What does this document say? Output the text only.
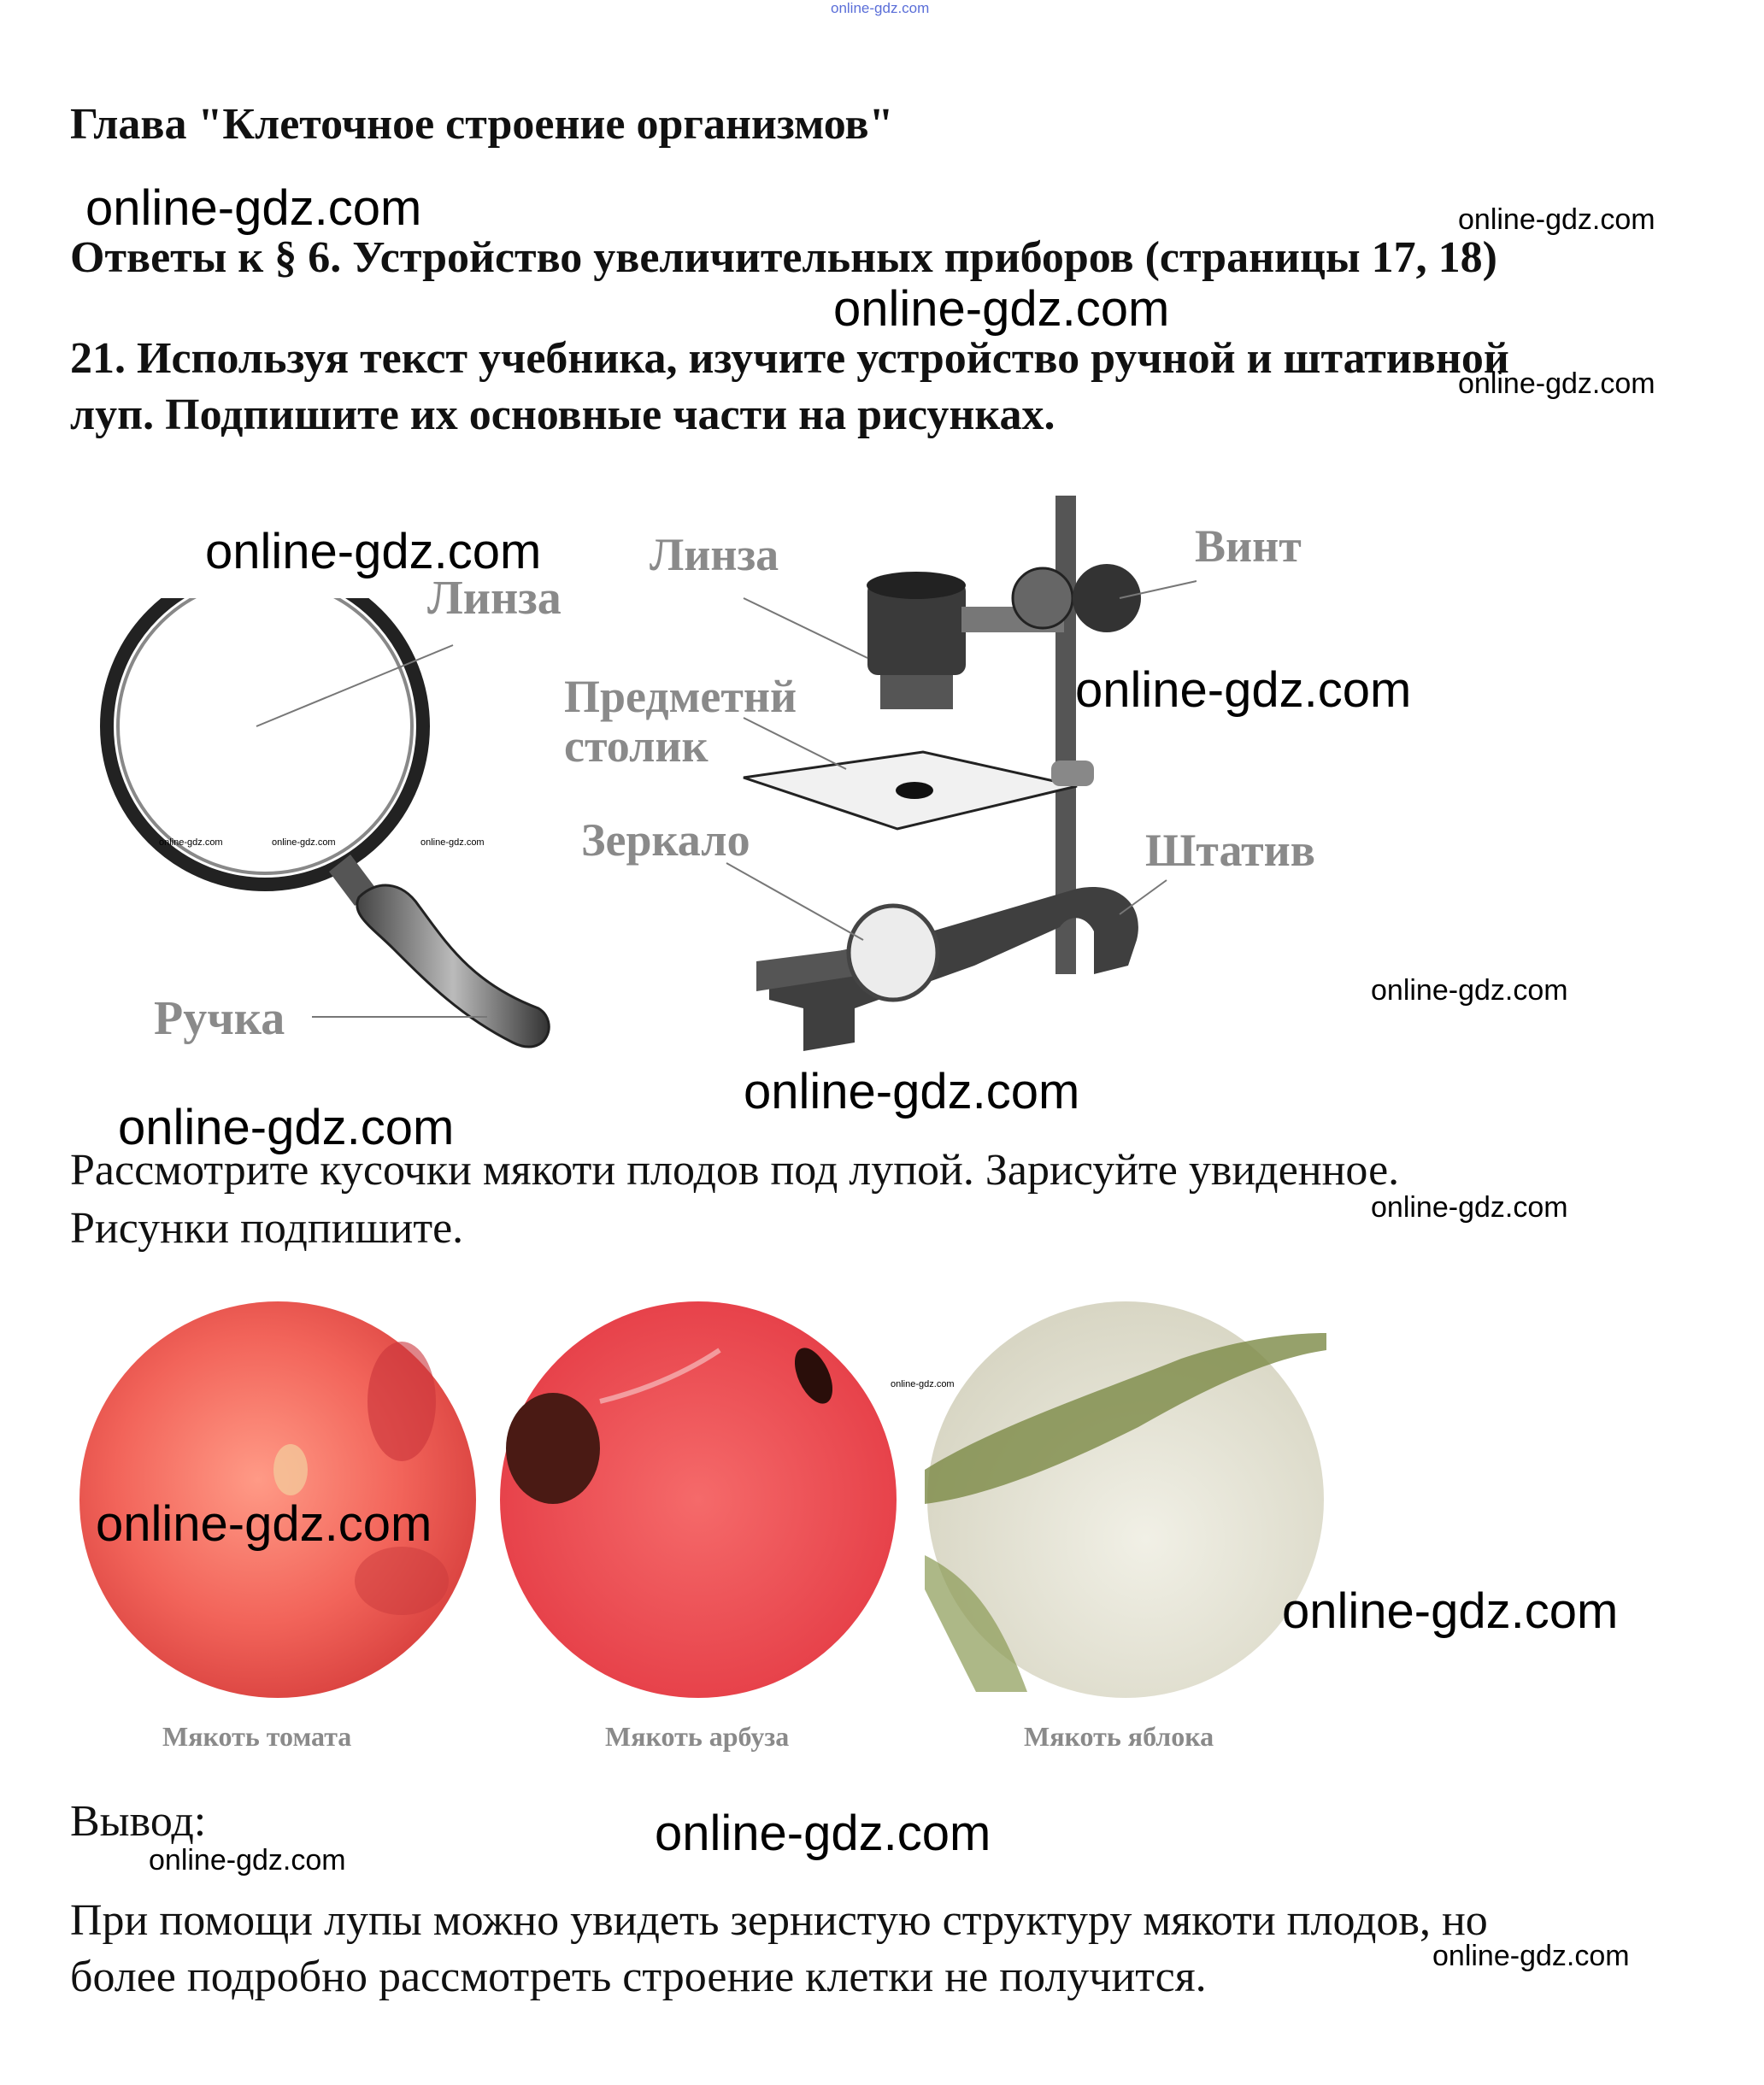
online-gdz.com
Глава "Клеточное строение организмов"
Ответы к § 6. Устройство увеличительных приборов (страницы 17, 18)
21. Используя текст учебника, изучите устройство ручной и штативной
луп. Подпишите их основные части на рисунках.
Линза
Ручка
Линза	Винт
Предметнй
столик
Зеркало	Штатив
Рассмотрите кусочки мякоти плодов под лупой. Зарисуйте увиденное.
Рисунки подпишите.
Мякоть томата	Мякоть арбуза	Мякоть яблока
Вывод:
При помощи лупы можно увидеть зернистую структуру мякоти плодов, но
более подробно рассмотреть строение клетки не получится.
online-gdz.com	online-gdz.com
online-gdz.com
online-gdz.com
online-gdz.com
online-gdz.com
online-gdz.com	online-gdz.com	online-gdz.com
online-gdz.com
online-gdz.com
online-gdz.com
online-gdz.com
online-gdz.com
online-gdz.com
online-gdz.com
online-gdz.com
online-gdz.com
online-gdz.com
